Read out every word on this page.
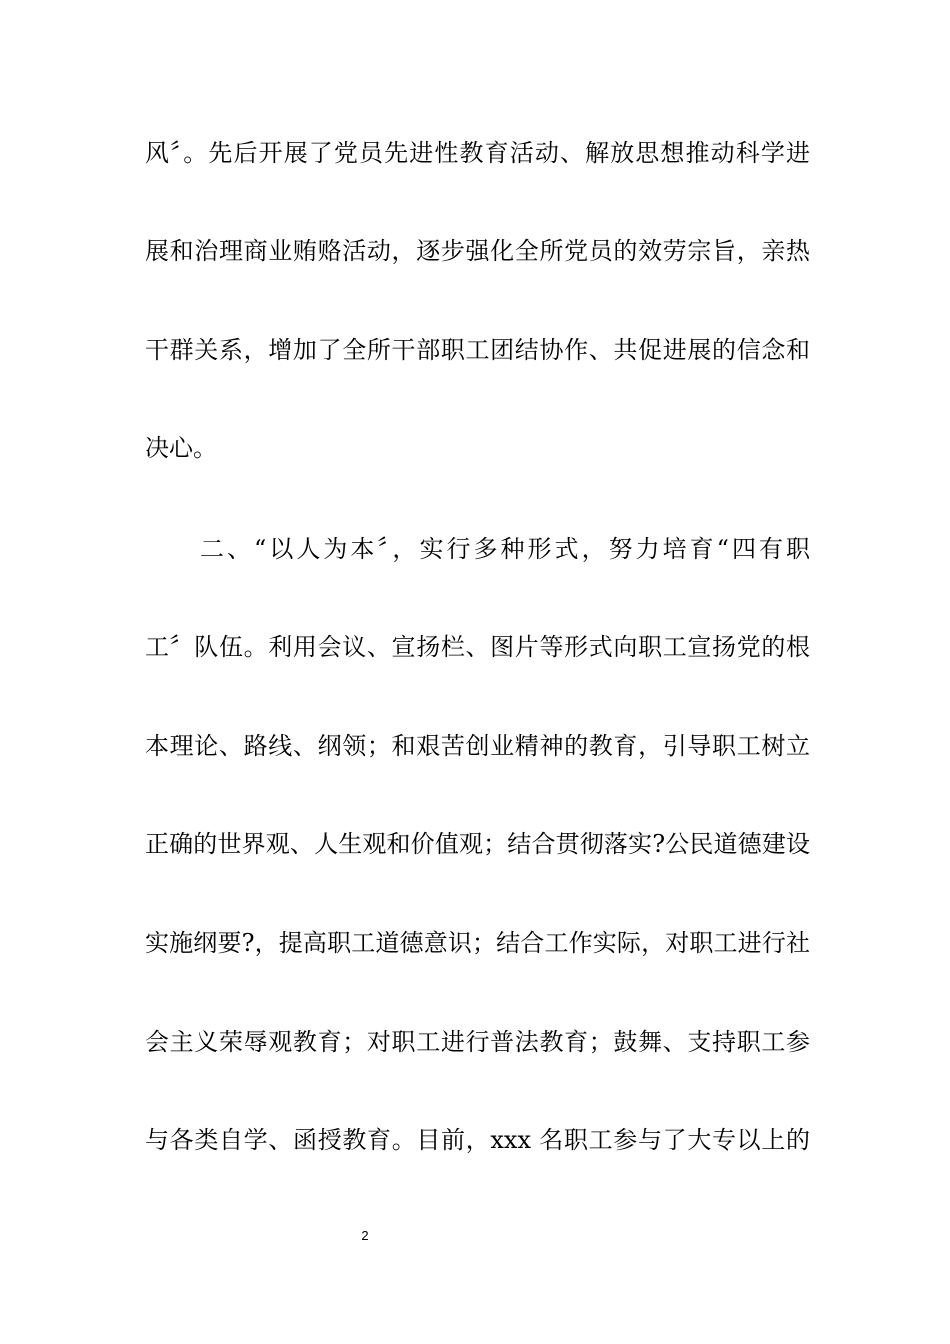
风〞。先后开展了党员先进性教育活动、解放思想推动科学进
展和治理商业贿赂活动，逐步强化全所党员的效劳宗旨，亲热
干群关系，增加了全所干部职工团结协作、共促进展的信念和
决心。
二、“以人为本〞，实行多种形式，努力培育“四有职
工〞队伍。利用会议、宣扬栏、图片等形式向职工宣扬党的根
本理论、路线、纲领；和艰苦创业精神的教育，引导职工树立
正确的世界观、人生观和价值观；结合贯彻落实?公民道德建设
实施纲要?，提高职工道德意识；结合工作实际，对职工进行社
会主义荣辱观教育；对职工进行普法教育；鼓舞、支持职工参
与各类自学、函授教育。目前，xxx 名职工参与了大专以上的
2
